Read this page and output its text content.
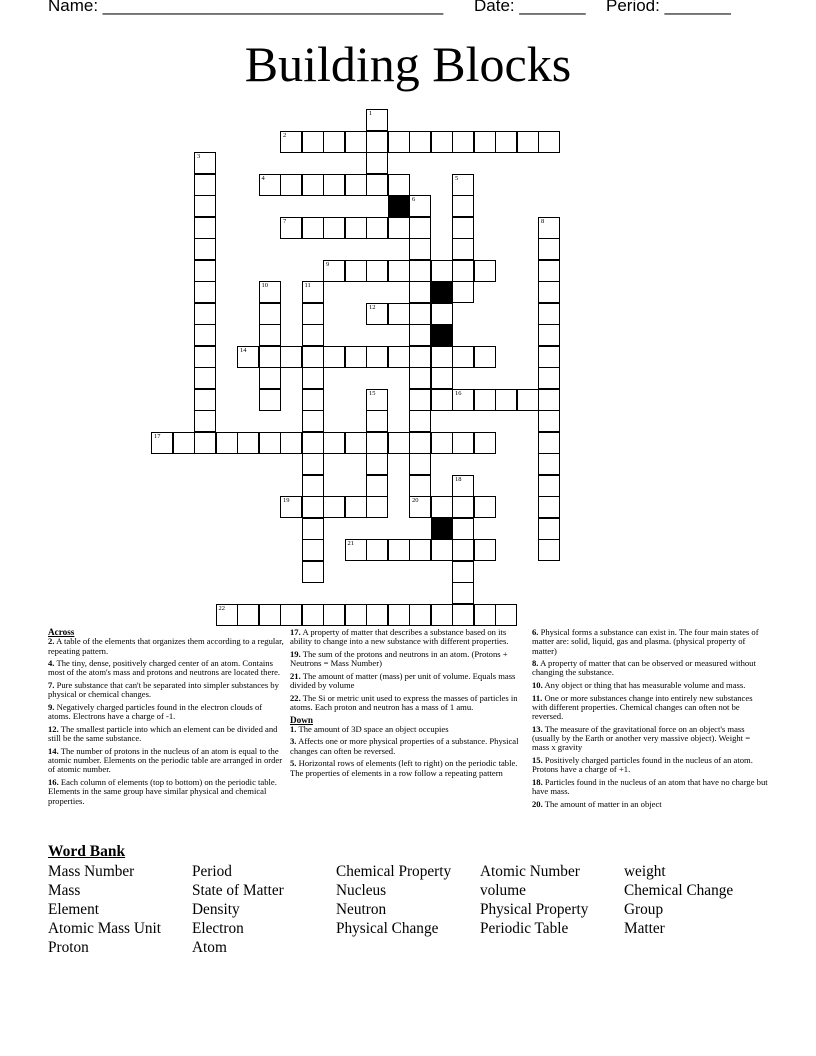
Name: ____________________________________ Date: _______ Period: _______
Building Blocks
2
4
7
9
12
14
16
17
19	20
21
22
1
3
5
6
8
10	11
15
18
Across
2. A table of the elements that organizes them according to a regular, repeating pattern.
4. The tiny, dense, positively charged center of an atom. Contains most of the atom's mass and protons and neutrons are located there.
7. Pure substance that can't be separated into simpler substances by physical or chemical changes.
9. Negatively charged particles found in the electron clouds of atoms. Electrons have a charge of -1.
12. The smallest particle into which an element can be divided and still be the same substance.
14. The number of protons in the nucleus of an atom is equal to the atomic number. Elements on the periodic table are arranged in order of atomic number.
16. Each column of elements (top to bottom) on the periodic table. Elements in the same group have similar physical and chemical properties.
17. A property of matter that describes a substance based on its ability to change into a new substance with different properties.
19. The sum of the protons and neutrons in an atom. (Protons + Neutrons = Mass Number)
21. The amount of matter (mass) per unit of volume. Equals mass divided by volume
22. The Si or metric unit used to express the masses of particles in atoms. Each proton and neutron has a mass of 1 amu.
Down
1. The amount of 3D space an object occupies
3. Affects one or more physical properties of a substance. Physical changes can often be reversed.
5. Horizontal rows of elements (left to right) on the periodic table. The properties of elements in a row follow a repeating pattern
6. Physical forms a substance can exist in. The four main states of matter are: solid, liquid, gas and plasma. (physical property of matter)
8. A property of matter that can be observed or measured without changing the substance.
10. Any object or thing that has measurable volume and mass.
11. One or more substances change into entirely new substances with different properties. Chemical changes can often not be reversed.
13. The measure of the gravitational force on an object's mass (usually by the Earth or another very massive object). Weight = mass x gravity
15. Positively charged particles found in the nucleus of an atom. Protons have a charge of +1.
18. Particles found in the nucleus of an atom that have no charge but have mass.
20. The amount of matter in an object
Word Bank
Mass Number
Mass
Element
Atomic Mass Unit
Proton
Period
State of Matter
Density
Electron
Atom
Chemical Property
Nucleus
Neutron
Physical Change
Atomic Number
volume
Physical Property
Periodic Table
weight
Chemical Change
Group
Matter
